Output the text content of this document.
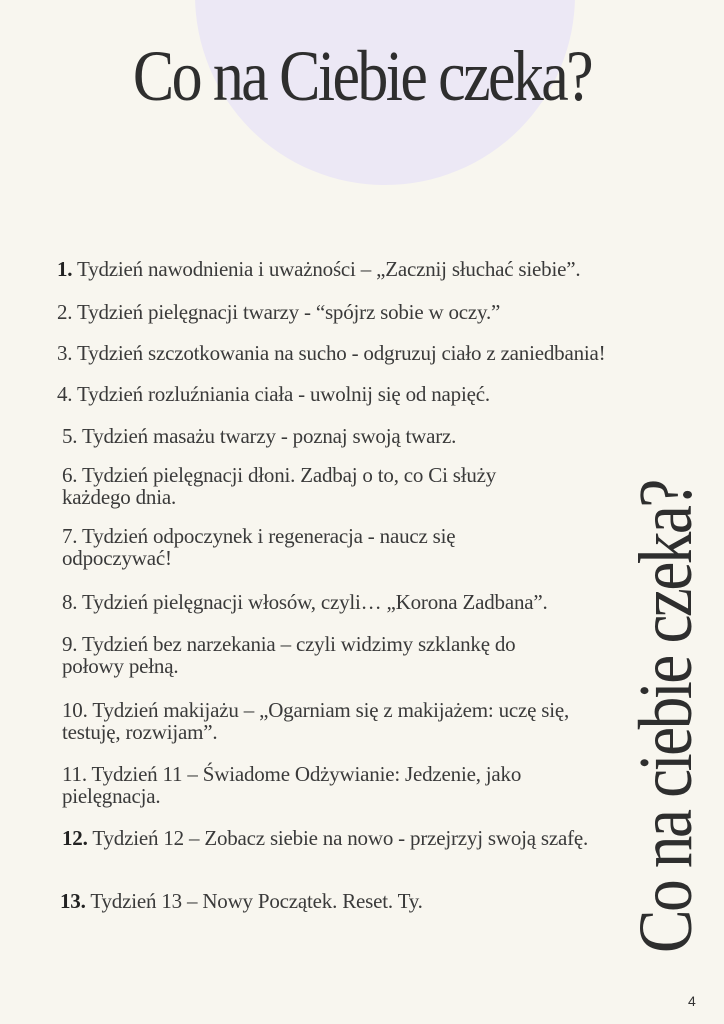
Co na Ciebie czeka?
1. Tydzień nawodnienia i uważności – „Zacznij słuchać siebie”.
2. Tydzień pielęgnacji twarzy - “spójrz sobie w oczy.”
3. Tydzień szczotkowania na sucho - odgruzuj ciało z zaniedbania!
4. Tydzień rozluźniania ciała - uwolnij się od napięć.
5. Tydzień masażu twarzy - poznaj swoją twarz.
6. Tydzień pielęgnacji dłoni. Zadbaj o to, co Ci służy każdego dnia.
7. Tydzień odpoczynek i regeneracja - naucz się odpoczywać!
8. Tydzień pielęgnacji włosów, czyli… „Korona Zadbana”.
9. Tydzień bez narzekania – czyli widzimy szklankę do połowy pełną.
10. Tydzień makijażu – „Ogarniam się z makijażem: uczę się, testuję, rozwijam”.
11. Tydzień 11 – Świadome Odżywianie: Jedzenie, jako pielęgnacja.
12. Tydzień 12 – Zobacz siebie na nowo - przejrzyj swoją szafę.
13. Tydzień 13 – Nowy Początek. Reset. Ty.	Co na ciebie czeka?
4
